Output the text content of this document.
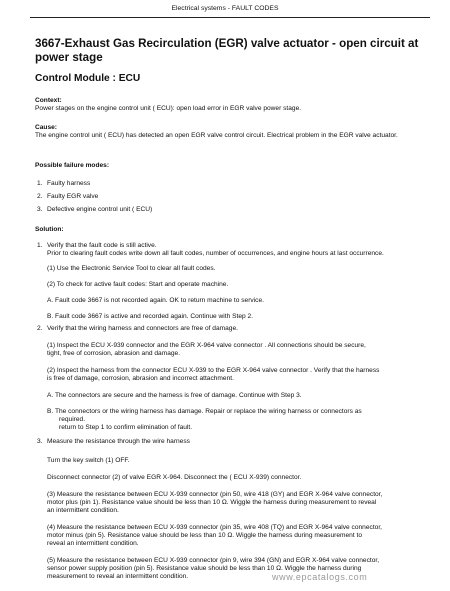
Electrical systems - FAULT CODES
3667-Exhaust Gas Recirculation (EGR) valve actuator - open circuit at power stage
Control Module : ECU
Context:
Power stages on the engine control unit ( ECU): open load error in EGR valve power stage.
Cause:
The engine control unit ( ECU) has detected an open EGR valve control circuit. Electrical problem in the EGR valve actuator.
Possible failure modes:
1. Faulty harness
2. Faulty EGR valve
3. Defective engine control unit ( ECU)
Solution:
1. Verify that the fault code is still active.
Prior to clearing fault codes write down all fault codes, number of occurrences, and engine hours at last occurrence.
(1) Use the Electronic Service Tool to clear all fault codes.
(2) To check for active fault codes: Start and operate machine.
A. Fault code 3667 is not recorded again. OK to return machine to service.
B. Fault code 3667 is active and recorded again. Continue with Step 2.
2. Verify that the wiring harness and connectors are free of damage.
(1) Inspect the ECU X-939 connector and the EGR X-964 valve connector . All connections should be secure,
tight, free of corrosion, abrasion and damage.
(2) Inspect the harness from the connector ECU X-939 to the EGR X-964 valve connector . Verify that the harness
is free of damage, corrosion, abrasion and incorrect attachment.
A. The connectors are secure and the harness is free of damage. Continue with Step 3.
B. The connectors or the wiring harness has damage. Repair or replace the wiring harness or connectors as
required.
return to Step 1 to confirm elimination of fault.
3. Measure the resistance through the wire harness
Turn the key switch (1) OFF.
Disconnect connector (2) of valve EGR X-964. Disconnect the ( ECU X-939) connector.
(3) Measure the resistance between ECU X-939 connector (pin 50, wire 418 (GY) and EGR X-964 valve connector,
motor plus (pin 1). Resistance value should be less than 10 Ω. Wiggle the harness during measurement to reveal
an intermittent condition.
(4) Measure the resistance between ECU X-939 connector (pin 35, wire 408 (TQ) and EGR X-964 valve connector,
motor minus (pin 5). Resistance value should be less than 10 Ω. Wiggle the harness during measurement to
reveal an intermittent condition.
(5) Measure the resistance between ECU X-939 connector (pin 9, wire 394 (GN) and EGR X-964 valve connector,
sensor power supply position (pin 5). Resistance value should be less than 10 Ω. Wiggle the harness during
measurement to reveal an intermittent condition.	www.epcatalogs.com
